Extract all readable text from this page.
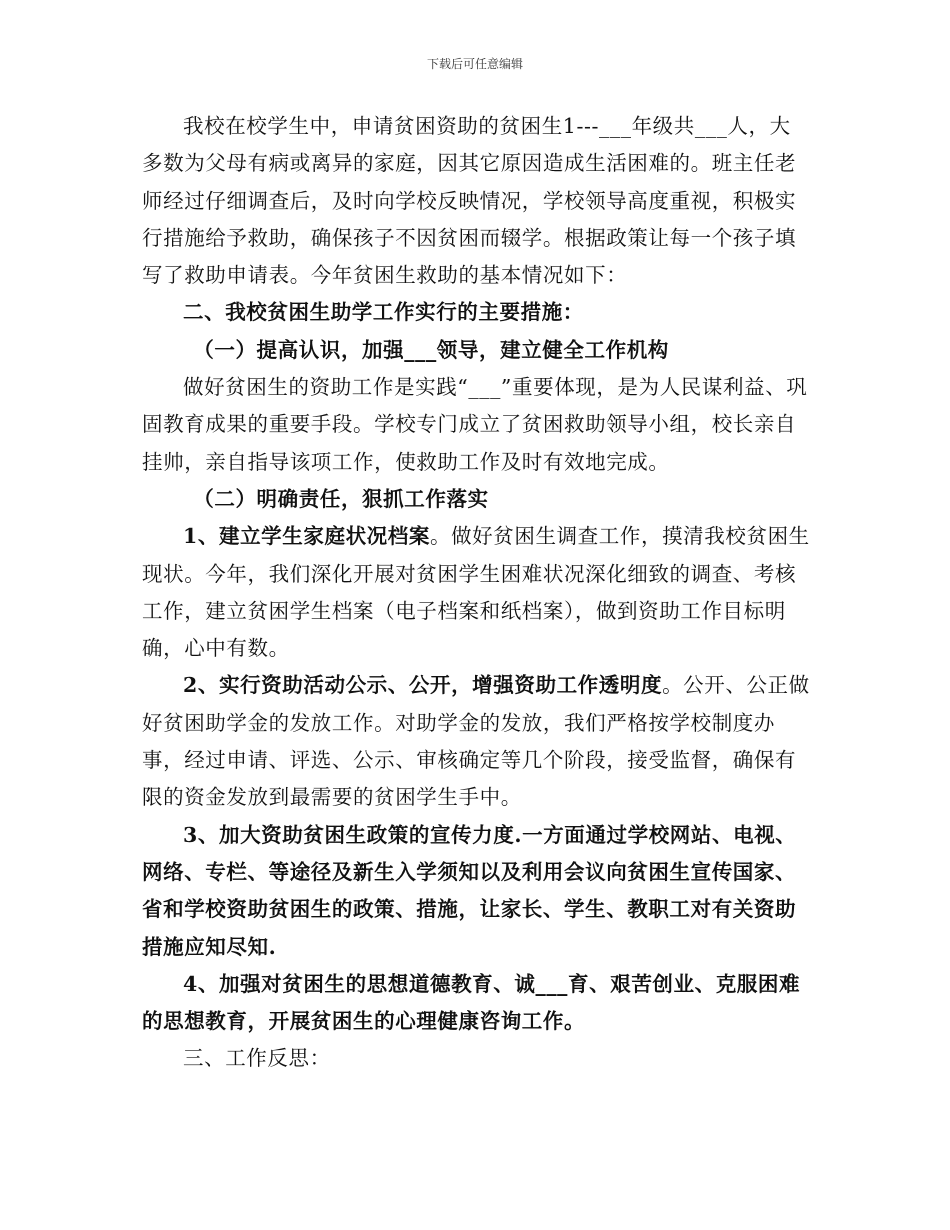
下载后可任意编辑

我校在校学生中，申请贫困资助的贫困生1---___年级共___人，大多数为父母有病或离异的家庭，因其它原因造成生活困难的。班主任老师经过仔细调查后，及时向学校反映情况，学校领导高度重视，积极实行措施给予救助，确保孩子不因贫困而辍学。根据政策让每一个孩子填写了救助申请表。今年贫困生救助的基本情况如下：

二、我校贫困生助学工作实行的主要措施：

（一）提高认识，加强___领导，建立健全工作机构

做好贫困生的资助工作是实践“___”重要体现，是为人民谋利益、巩固教育成果的重要手段。学校专门成立了贫困救助领导小组，校长亲自挂帅，亲自指导该项工作，使救助工作及时有效地完成。

（二）明确责任，狠抓工作落实

1、建立学生家庭状况档案。做好贫困生调查工作，摸清我校贫困生现状。今年，我们深化开展对贫困学生困难状况深化细致的调查、考核工作，建立贫困学生档案（电子档案和纸档案），做到资助工作目标明确，心中有数。

2、实行资助活动公示、公开，增强资助工作透明度。公开、公正做好贫困助学金的发放工作。对助学金的发放，我们严格按学校制度办事，经过申请、评选、公示、审核确定等几个阶段，接受监督，确保有限的资金发放到最需要的贫困学生手中。

3、加大资助贫困生政策的宣传力度.一方面通过学校网站、电视、网络、专栏、等途径及新生入学须知以及利用会议向贫困生宣传国家、省和学校资助贫困生的政策、措施，让家长、学生、教职工对有关资助措施应知尽知.

4、加强对贫困生的思想道德教育、诚___育、艰苦创业、克服困难的思想教育，开展贫困生的心理健康咨询工作。

三、工作反思：
